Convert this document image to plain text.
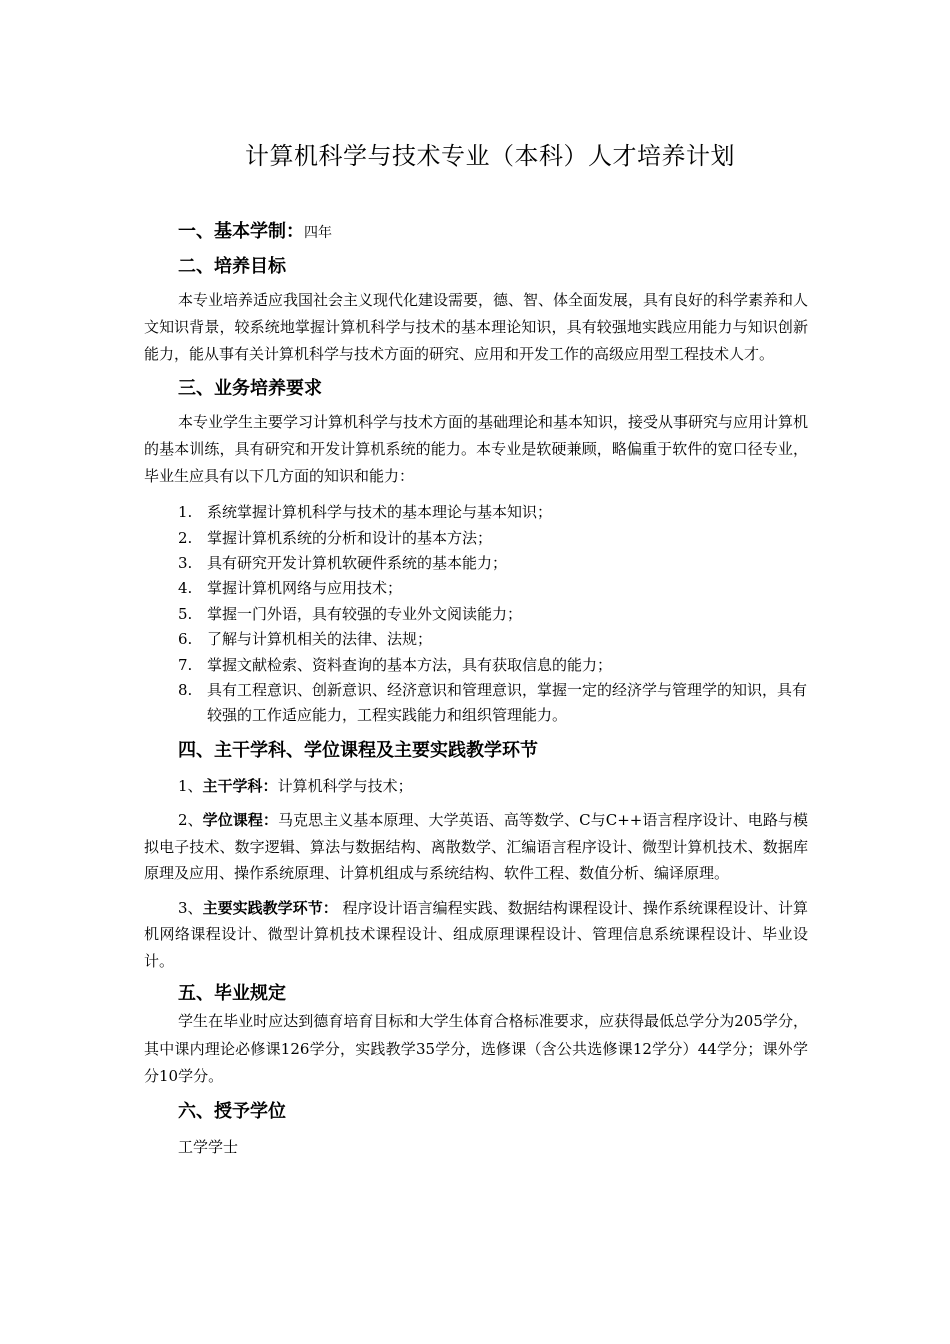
计算机科学与技术专业（本科）人才培养计划
一、基本学制：四年
二、培养目标

本专业培养适应我国社会主义现代化建设需要，德、智、体全面发展，具有良好的科学素养和人文知识背景，较系统地掌握计算机科学与技术的基本理论知识，具有较强地实践应用能力与知识创新能力，能从事有关计算机科学与技术方面的研究、应用和开发工作的高级应用型工程技术人才。

三、业务培养要求

本专业学生主要学习计算机科学与技术方面的基础理论和基本知识，接受从事研究与应用计算机的基本训练，具有研究和开发计算机系统的能力。本专业是软硬兼顾，略偏重于软件的宽口径专业，毕业生应具有以下几方面的知识和能力：

1. 系统掌握计算机科学与技术的基本理论与基本知识；
2. 掌握计算机系统的分析和设计的基本方法；
3. 具有研究开发计算机软硬件系统的基本能力；
4. 掌握计算机网络与应用技术；
5. 掌握一门外语，具有较强的专业外文阅读能力；
6. 了解与计算机相关的法律、法规；
7. 掌握文献检索、资料查询的基本方法，具有获取信息的能力；
8. 具有工程意识、创新意识、经济意识和管理意识，掌握一定的经济学与管理学的知识，具有较强的工作适应能力，工程实践能力和组织管理能力。
四、主干学科、学位课程及主要实践教学环节

1、主干学科：计算机科学与技术；

2、学位课程：马克思主义基本原理、大学英语、高等数学、C与C++语言程序设计、电路与模拟电子技术、数字逻辑、算法与数据结构、离散数学、汇编语言程序设计、微型计算机技术、数据库原理及应用、操作系统原理、计算机组成与系统结构、软件工程、数值分析、编译原理。

3、主要实践教学环节： 程序设计语言编程实践、数据结构课程设计、操作系统课程设计、计算机网络课程设计、微型计算机技术课程设计、组成原理课程设计、管理信息系统课程设计、毕业设计。

五、毕业规定

学生在毕业时应达到德育培育目标和大学生体育合格标准要求，应获得最低总学分为205学分，其中课内理论必修课126学分，实践教学35学分，选修课（含公共选修课12学分）44学分；课外学分10学分。

六、授予学位

工学学士
